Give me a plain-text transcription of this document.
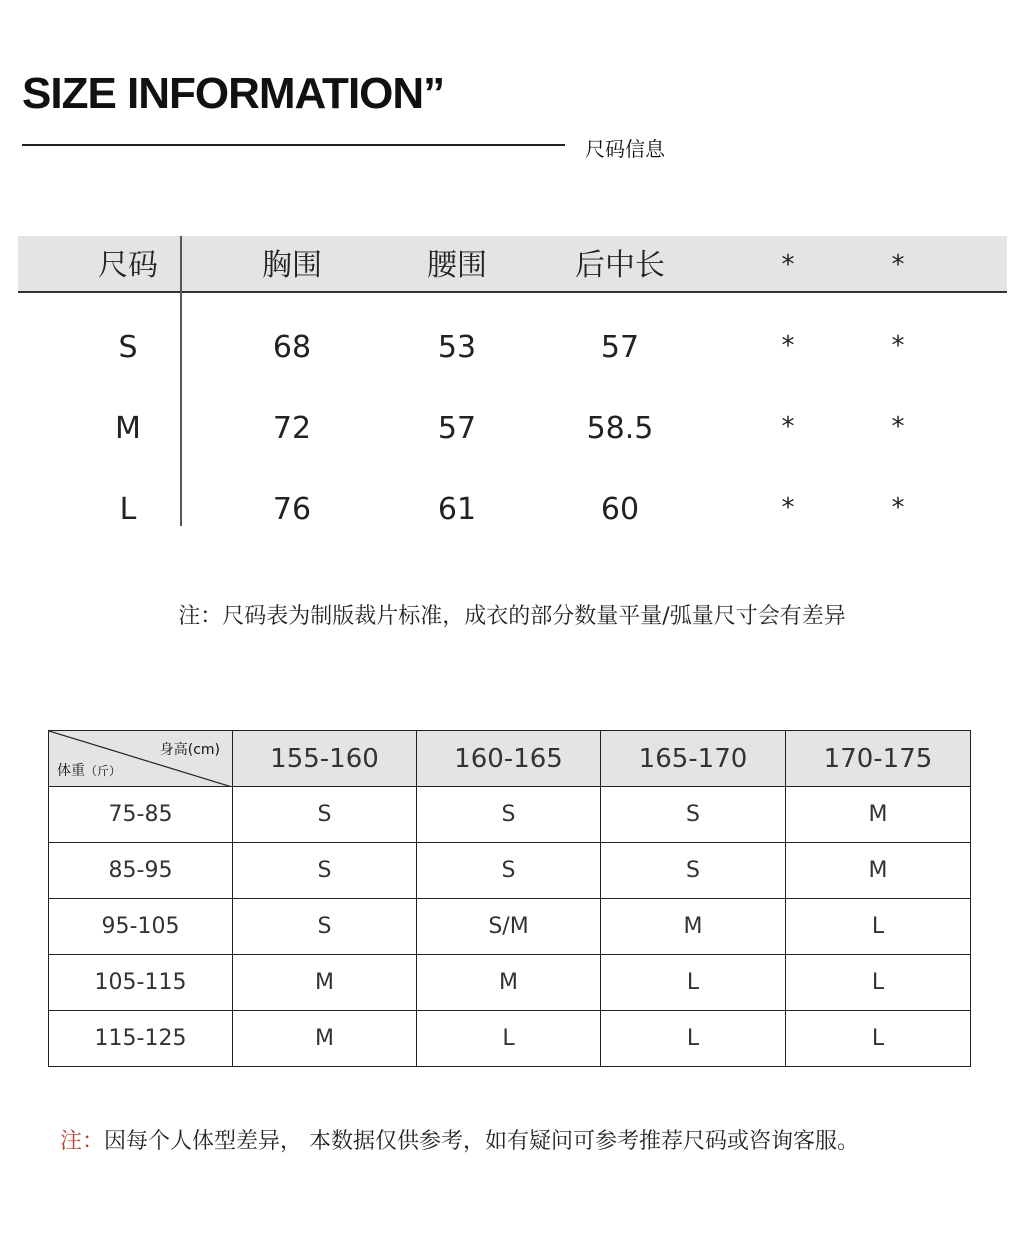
SIZE INFORMATION”
尺码信息
尺码	胸围	腰围	后中长	*	*
S	68	53	57	*	*
M	72	57	58.5	*	*
L	76	61	60	*	*
注：尺码表为制版裁片标准，成衣的部分数量平量/弧量尺寸会有差异
身高(cm)
体重（斤）	155-160	160-165	165-170	170-175
75-85	S	S	S	M
85-95	S	S	S	M
95-105	S	S/M	M	L
105-115	M	M	L	L
115-125	M	L	L	L
注：因每个人体型差异， 本数据仅供参考，如有疑问可参考推荐尺码或咨询客服。
